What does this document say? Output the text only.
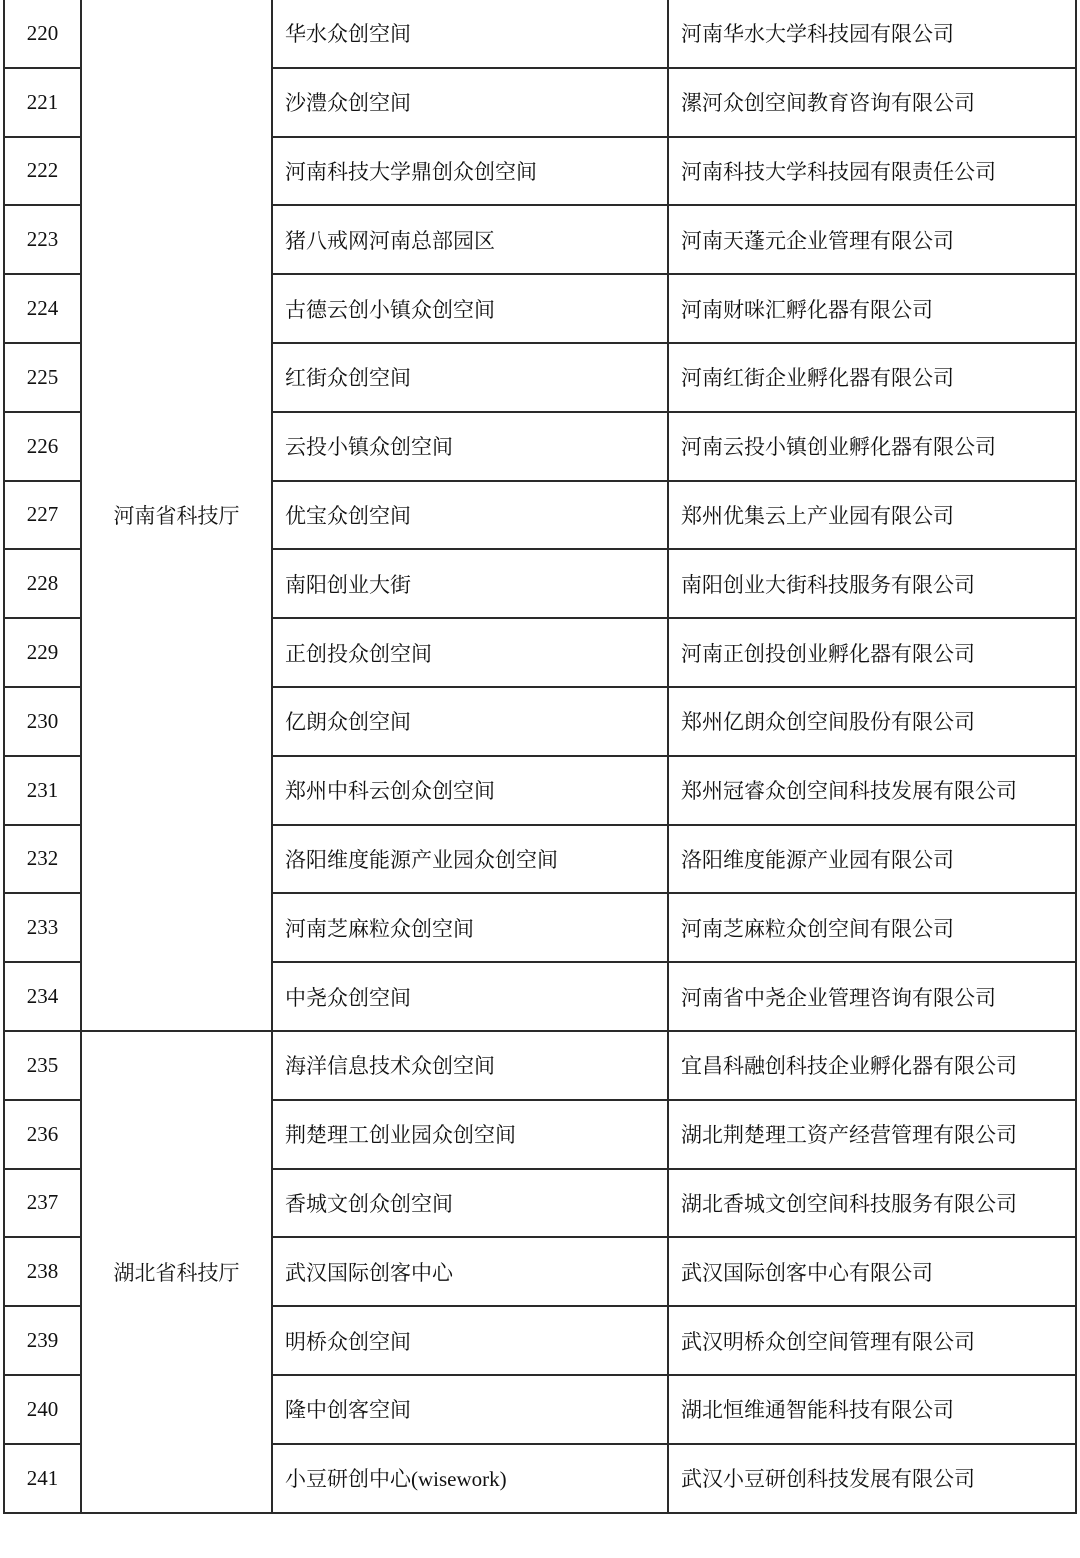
220	河南省科技厅	华水众创空间	河南华水大学科技园有限公司
221		沙澧众创空间	漯河众创空间教育咨询有限公司
222		河南科技大学鼎创众创空间	河南科技大学科技园有限责任公司
223		猪八戒网河南总部园区	河南天蓬元企业管理有限公司
224		古德云创小镇众创空间	河南财咪汇孵化器有限公司
225		红街众创空间	河南红街企业孵化器有限公司
226		云投小镇众创空间	河南云投小镇创业孵化器有限公司
227		优宝众创空间	郑州优集云上产业园有限公司
228		南阳创业大街	南阳创业大街科技服务有限公司
229		正创投众创空间	河南正创投创业孵化器有限公司
230		亿朗众创空间	郑州亿朗众创空间股份有限公司
231		郑州中科云创众创空间	郑州冠睿众创空间科技发展有限公司
232		洛阳维度能源产业园众创空间	洛阳维度能源产业园有限公司
233		河南芝麻粒众创空间	河南芝麻粒众创空间有限公司
234		中尧众创空间	河南省中尧企业管理咨询有限公司
235	湖北省科技厅	海洋信息技术众创空间	宜昌科融创科技企业孵化器有限公司
236		荆楚理工创业园众创空间	湖北荆楚理工资产经营管理有限公司
237		香城文创众创空间	湖北香城文创空间科技服务有限公司
238		武汉国际创客中心	武汉国际创客中心有限公司
239		明桥众创空间	武汉明桥众创空间管理有限公司
240		隆中创客空间	湖北恒维通智能科技有限公司
241		小豆研创中心(wisework)	武汉小豆研创科技发展有限公司
